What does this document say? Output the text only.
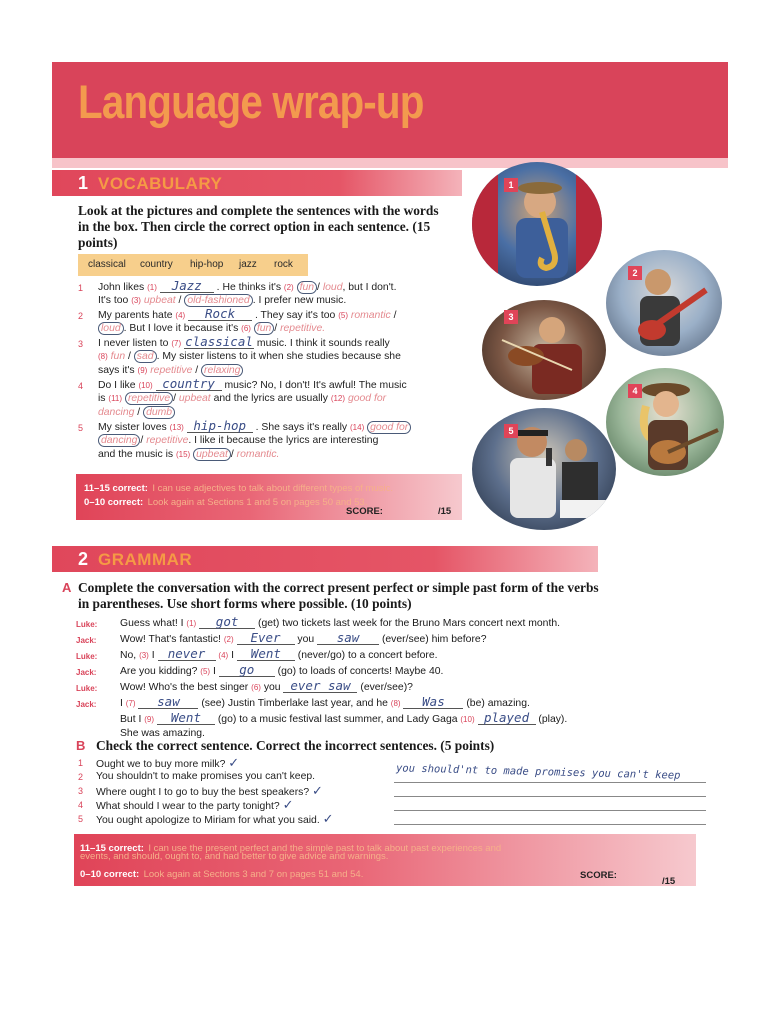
Language wrap-up
1 VOCABULARY
Look at the pictures and complete the sentences with the words in the box. Then circle the correct option in each sentence. (15 points)
classical country hip-hop jazz rock
1 John likes (1) Jazz . He thinks it's (2) fun / loud, but I don't.
It's too (3) upbeat / old-fashioned . I prefer new music.
2 My parents hate (4) Rock . They say it's too (5) romantic /
loud . But I love it because it's (6) fun / repetitive.
3 I never listen to (7) classical music. I think it sounds really
(8) fun / sad . My sister listens to it when she studies because she
says it's (9) repetitive / relaxing
4 Do I like (10) country music? No, I don't! It's awful! The music
is (11) repetitive / upbeat and the lyrics are usually (12) good for
dancing / dumb
5 My sister loves (13) hip-hop . She says it's really (14) good for
dancing / repetitive. I like it because the lyrics are interesting
and the music is (15) upbeat / romantic.
11–15 correct: I can use adjectives to talk about different types of music.
0–10 correct: Look again at Sections 1 and 5 on pages 50 and 53.
SCORE:	/15
1
2
3
4
5
2 GRAMMAR
A Complete the conversation with the correct present perfect or simple past form of the verbs in parentheses. Use short forms where possible. (10 points)
Luke: Guess what! I (1) got (get) two tickets last week for the Bruno Mars concert next month.
Jack: Wow! That's fantastic! (2) Ever you saw (ever/see) him before?
Luke: No, (3) I never (4) I Went (never/go) to a concert before.
Jack: Are you kidding? (5) I go (go) to loads of concerts! Maybe 40.
Luke: Wow! Who's the best singer (6) you ever saw (ever/see)?
Jack: I (7) saw (see) Justin Timberlake last year, and he (8) Was (be) amazing.
But I (9) Went (go) to a music festival last summer, and Lady Gaga (10) played (play).
She was amazing.
B Check the correct sentence. Correct the incorrect sentences. (5 points)
1 Ought we to buy more milk? ✓
2 You shouldn't to make promises you can't keep.
3 Where ought I to go to buy the best speakers? ✓
4 What should I wear to the party tonight? ✓
5 You ought apologize to Miriam for what you said. ✓
you should'nt to made promises you can't keep
11–15 correct: I can use the present perfect and the simple past to talk about past experiences and
events, and should, ought to, and had better to give advice and warnings.
0–10 correct: Look again at Sections 3 and 7 on pages 51 and 54.	SCORE:
/15
